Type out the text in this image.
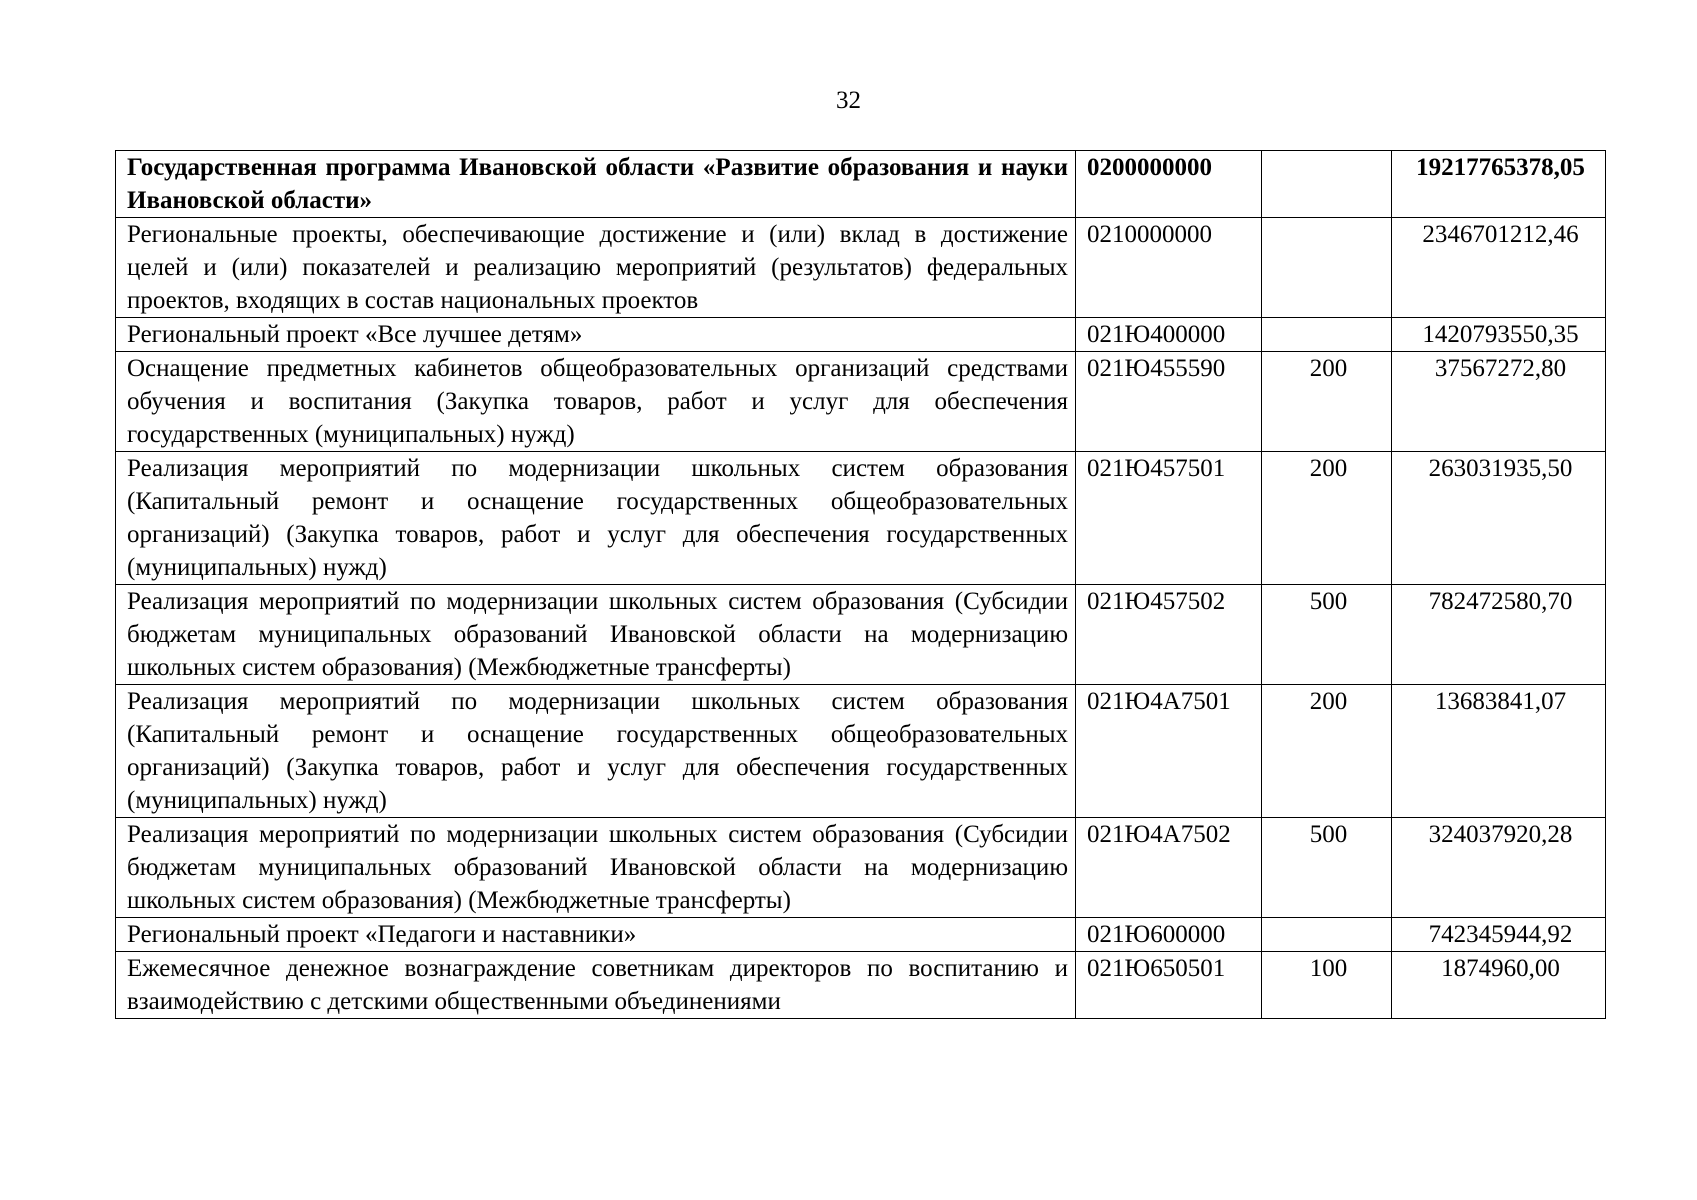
32
Государственная программа Ивановской области «Развитие образования и науки Ивановской области»	0200000000		19217765378,05
Региональные проекты, обеспечивающие достижение и (или) вклад в достижение целей и (или) показателей и реализацию мероприятий (результатов) федеральных проектов, входящих в состав национальных проектов	0210000000		2346701212,46
Региональный проект «Все лучшее детям»	021Ю400000		1420793550,35
Оснащение предметных кабинетов общеобразовательных организаций средствами обучения и воспитания (Закупка товаров, работ и услуг для обеспечения государственных (муниципальных) нужд)	021Ю455590	200	37567272,80
Реализация мероприятий по модернизации школьных систем образования (Капитальный ремонт и оснащение государственных общеобразовательных организаций) (Закупка товаров, работ и услуг для обеспечения государственных (муниципальных) нужд)	021Ю457501	200	263031935,50
Реализация мероприятий по модернизации школьных систем образования (Субсидии бюджетам муниципальных образований Ивановской области на модернизацию школьных систем образования) (Межбюджетные трансферты)	021Ю457502	500	782472580,70
Реализация мероприятий по модернизации школьных систем образования (Капитальный ремонт и оснащение государственных общеобразовательных организаций) (Закупка товаров, работ и услуг для обеспечения государственных (муниципальных) нужд)	021Ю4А7501	200	13683841,07
Реализация мероприятий по модернизации школьных систем образования (Субсидии бюджетам муниципальных образований Ивановской области на модернизацию школьных систем образования) (Межбюджетные трансферты)	021Ю4А7502	500	324037920,28
Региональный проект «Педагоги и наставники»	021Ю600000		742345944,92
Ежемесячное денежное вознаграждение советникам директоров по воспитанию и взаимодействию с детскими общественными объединениями	021Ю650501	100	1874960,00
